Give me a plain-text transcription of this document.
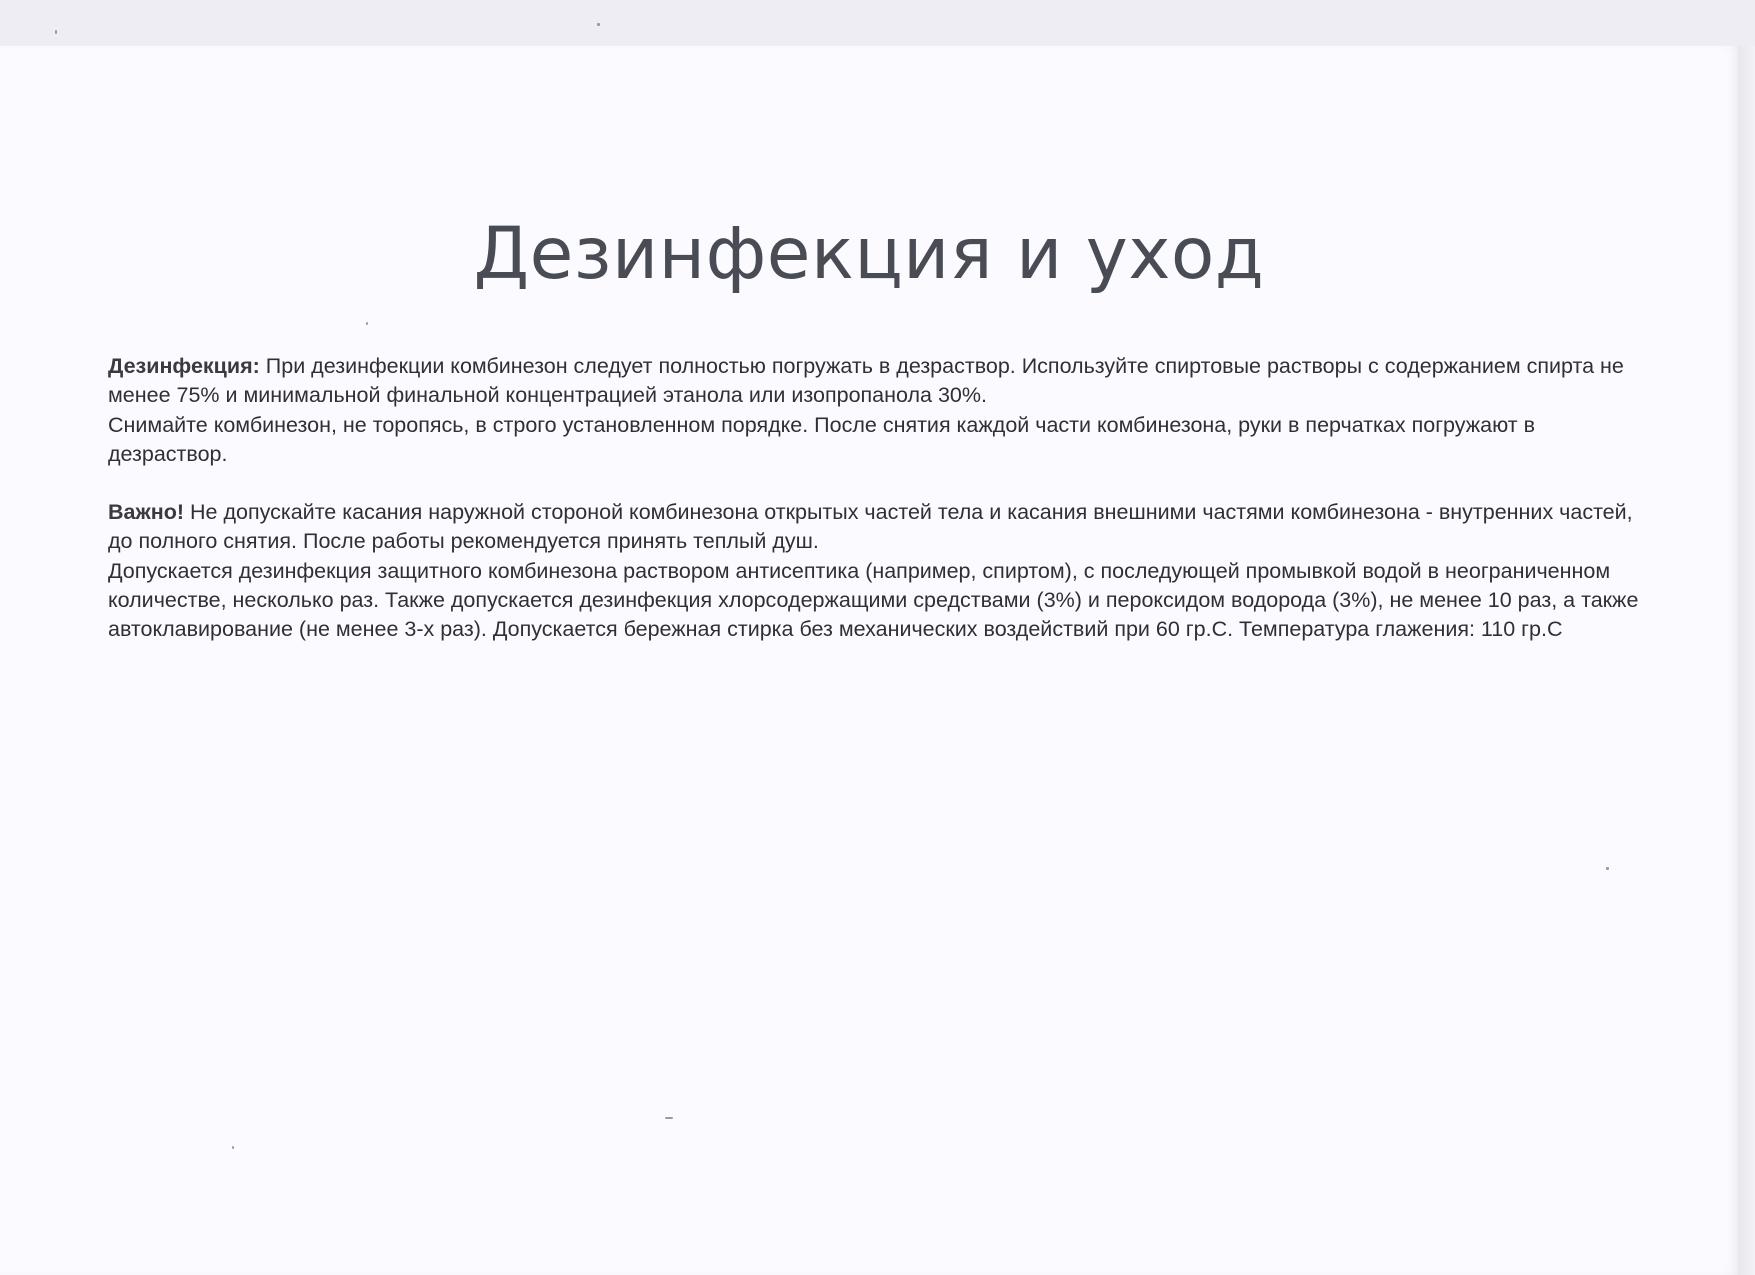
Дезинфекция и уход

Дезинфекция: При дезинфекции комбинезон следует полностью погружать в дезраствор. Используйте спиртовые растворы с содержанием спирта не менее 75% и минимальной финальной концентрацией этанола или изопропанола 30%.

Снимайте комбинезон, не торопясь, в строго установленном порядке. После снятия каждой части комбинезона, руки в перчатках погружают в дезраствор.

Важно! Не допускайте касания наружной стороной комбинезона открытых частей тела и касания внешними частями комбинезона - внутренних частей, до полного снятия. После работы рекомендуется принять теплый душ.

Допускается дезинфекция защитного комбинезона раствором антисептика (например, спиртом), с последующей промывкой водой в неограниченном количестве, несколько раз. Также допускается дезинфекция хлорсодержащими средствами (3%) и пероксидом водорода (3%), не менее 10 раз, а также автоклавирование (не менее 3-х раз). Допускается бережная стирка без механических воздействий при 60 гр.С. Температура глажения: 110 гр.С
